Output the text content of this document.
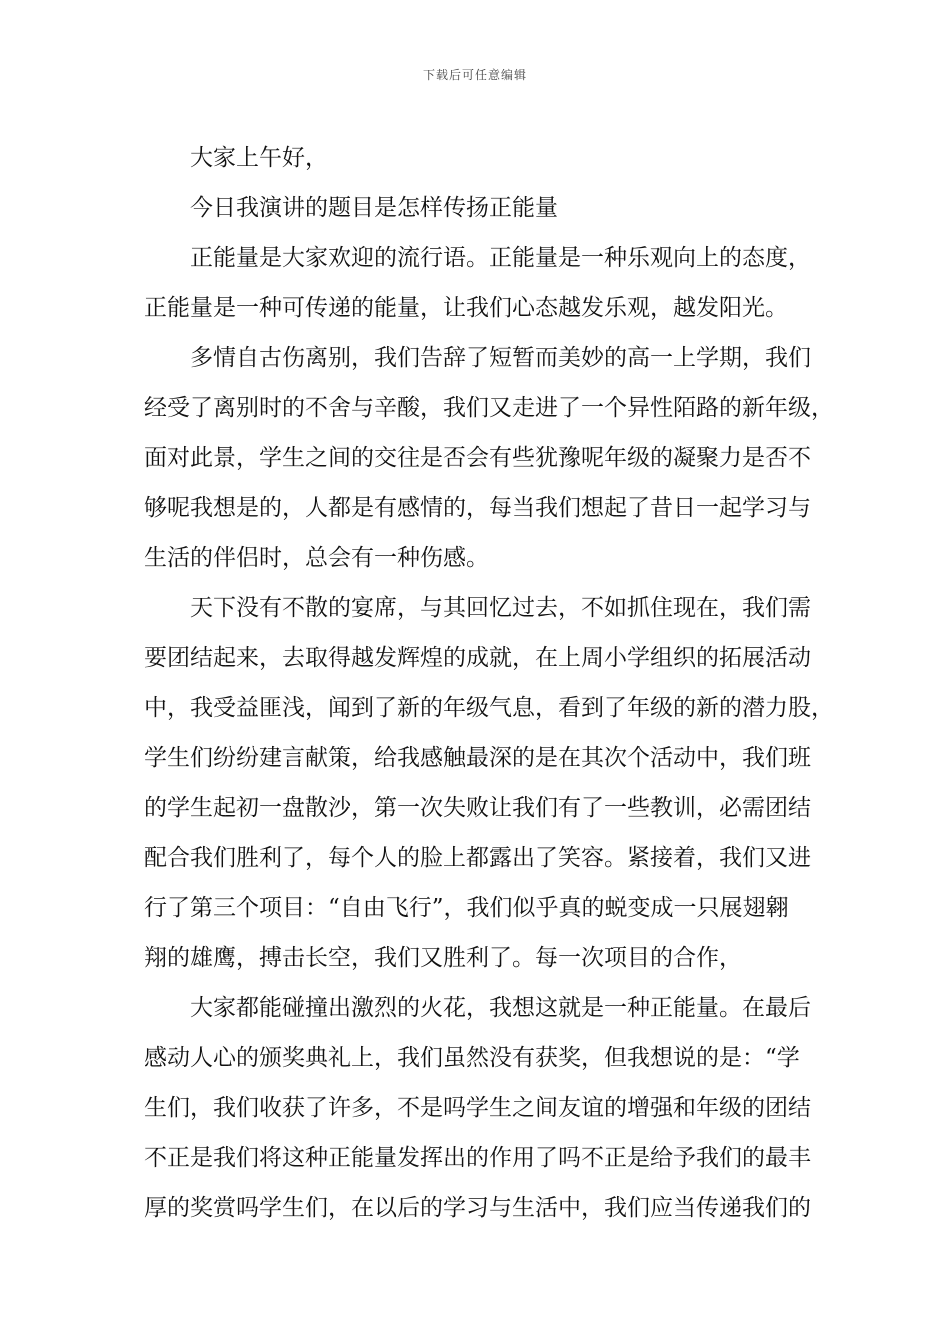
下载后可任意编辑

大家上午好，

今日我演讲的题目是怎样传扬正能量

正能量是大家欢迎的流行语。正能量是一种乐观向上的态度，
正能量是一种可传递的能量，让我们心态越发乐观，越发阳光。

多情自古伤离别，我们告辞了短暂而美妙的高一上学期，我们
经受了离别时的不舍与辛酸，我们又走进了一个异性陌路的新年级，
面对此景，学生之间的交往是否会有些犹豫呢年级的凝聚力是否不
够呢我想是的，人都是有感情的，每当我们想起了昔日一起学习与
生活的伴侣时，总会有一种伤感。

天下没有不散的宴席，与其回忆过去，不如抓住现在，我们需
要团结起来，去取得越发辉煌的成就，在上周小学组织的拓展活动
中，我受益匪浅，闻到了新的年级气息，看到了年级的新的潜力股，
学生们纷纷建言献策，给我感触最深的是在其次个活动中，我们班
的学生起初一盘散沙，第一次失败让我们有了一些教训，必需团结
配合我们胜利了，每个人的脸上都露出了笑容。紧接着，我们又进
行了第三个项目：“自由飞行”，我们似乎真的蜕变成一只展翅翱
翔的雄鹰，搏击长空，我们又胜利了。每一次项目的合作，

大家都能碰撞出激烈的火花，我想这就是一种正能量。在最后
感动人心的颁奖典礼上，我们虽然没有获奖，但我想说的是：“学
生们，我们收获了许多，不是吗学生之间友谊的增强和年级的团结
不正是我们将这种正能量发挥出的作用了吗不正是给予我们的最丰
厚的奖赏吗学生们，在以后的学习与生活中，我们应当传递我们的
